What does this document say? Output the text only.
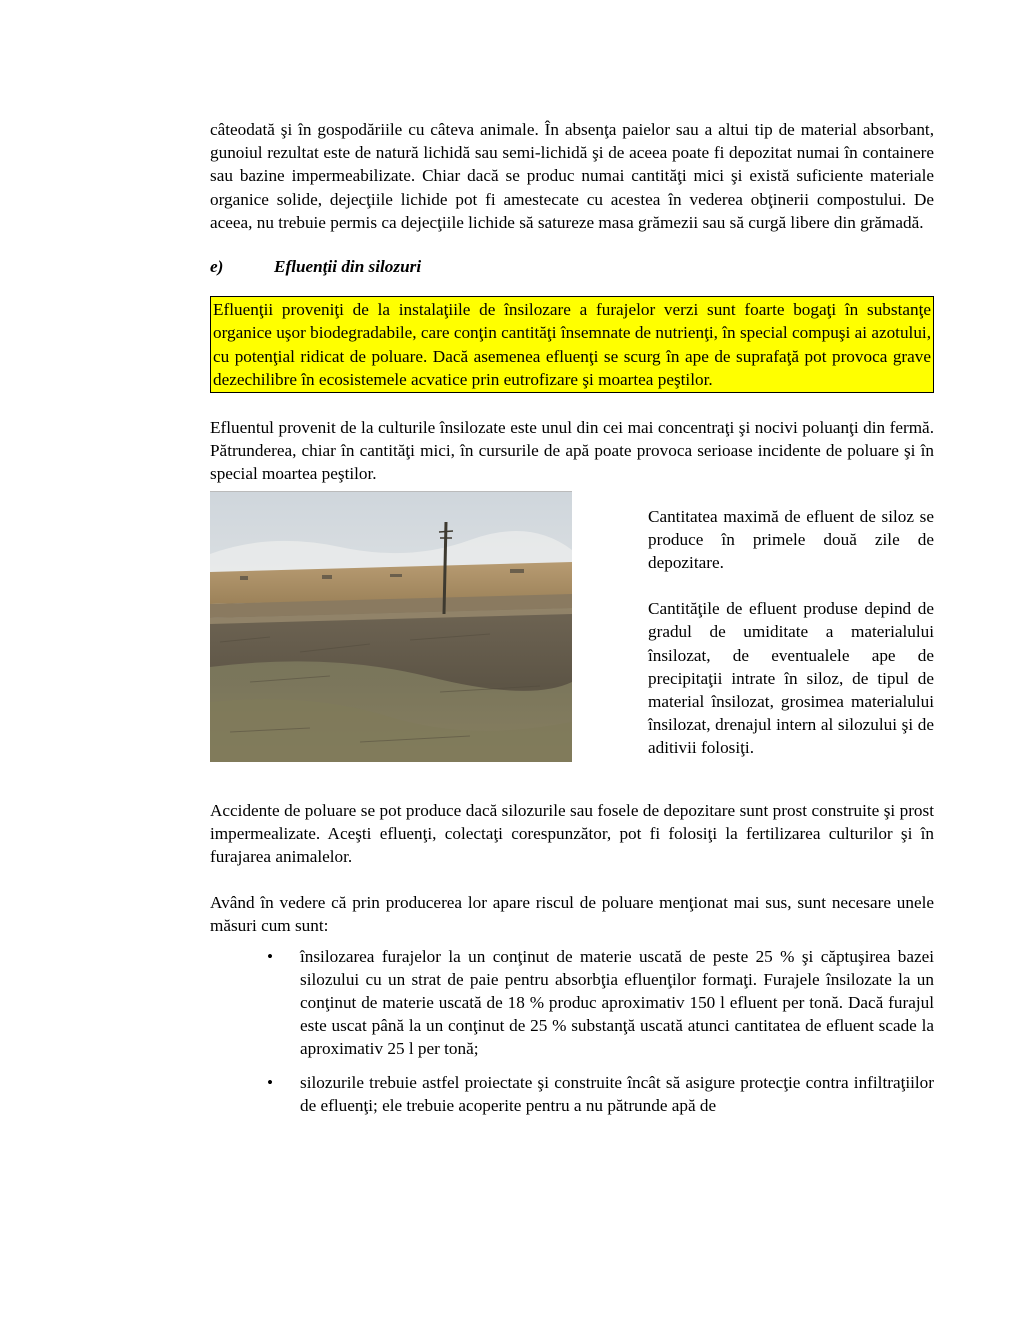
câteodată şi în gospodăriile cu câteva animale. În absenţa paielor sau a altui tip de material absorbant, gunoiul rezultat este de natură lichidă sau semi-lichidă şi de aceea poate fi depozitat numai în containere sau bazine impermeabilizate. Chiar dacă se produc numai cantităţi mici şi există suficiente materiale organice solide, dejecţiile lichide pot fi amestecate cu acestea în vederea obţinerii compostului. De aceea, nu trebuie permis ca dejecţiile lichide să satureze masa grămezii sau să curgă libere din grămadă.

e)	Efluenţii din silozuri

Efluenţii proveniţi de la instalaţiile de însilozare a furajelor verzi sunt foarte bogaţi în substanţe organice uşor biodegradabile, care conţin cantităţi însemnate de nutrienţi, în special compuşi ai azotului, cu potenţial ridicat de poluare. Dacă asemenea efluenţi se scurg în ape de suprafaţă pot provoca grave dezechilibre în ecosistemele acvatice prin eutrofizare şi moartea peştilor.

Efluentul provenit de la culturile însilozate este unul din cei mai concentraţi şi nocivi poluanţi din fermă. Pătrunderea, chiar în cantităţi mici, în cursurile de apă poate provoca serioase incidente de poluare şi în special moartea peştilor.

Cantitatea maximă de efluent de siloz se produce în primele două zile de depozitare.

Cantităţile de efluent produse depind de gradul de umiditate a materialului însilozat, de eventualele ape de precipitaţii intrate în siloz, de tipul de material însilozat, grosimea materialului însilozat, drenajul intern al silozului şi de aditivii folosiţi.

Accidente de poluare se pot produce dacă silozurile sau fosele de depozitare sunt prost construite şi prost impermealizate. Aceşti efluenţi, colectaţi corespunzător, pot fi folosiţi la fertilizarea culturilor şi în furajarea animalelor.

Având în vedere că prin producerea lor apare riscul de poluare menţionat mai sus, sunt necesare unele măsuri cum sunt:

• însilozarea furajelor la un conţinut de materie uscată de peste 25 % şi căptuşirea bazei silozului cu un strat de paie pentru absorbţia efluenţilor formaţi. Furajele însilozate la un conţinut de materie uscată de 18 % produc aproximativ 150 l efluent per tonă. Dacă furajul este uscat până la un conţinut de 25 % substanţă uscată atunci cantitatea de efluent scade la aproximativ 25 l per tonă;
• silozurile trebuie astfel proiectate şi construite încât să asigure protecţie contra infiltraţiilor de efluenţi; ele trebuie acoperite pentru a nu pătrunde apă de
